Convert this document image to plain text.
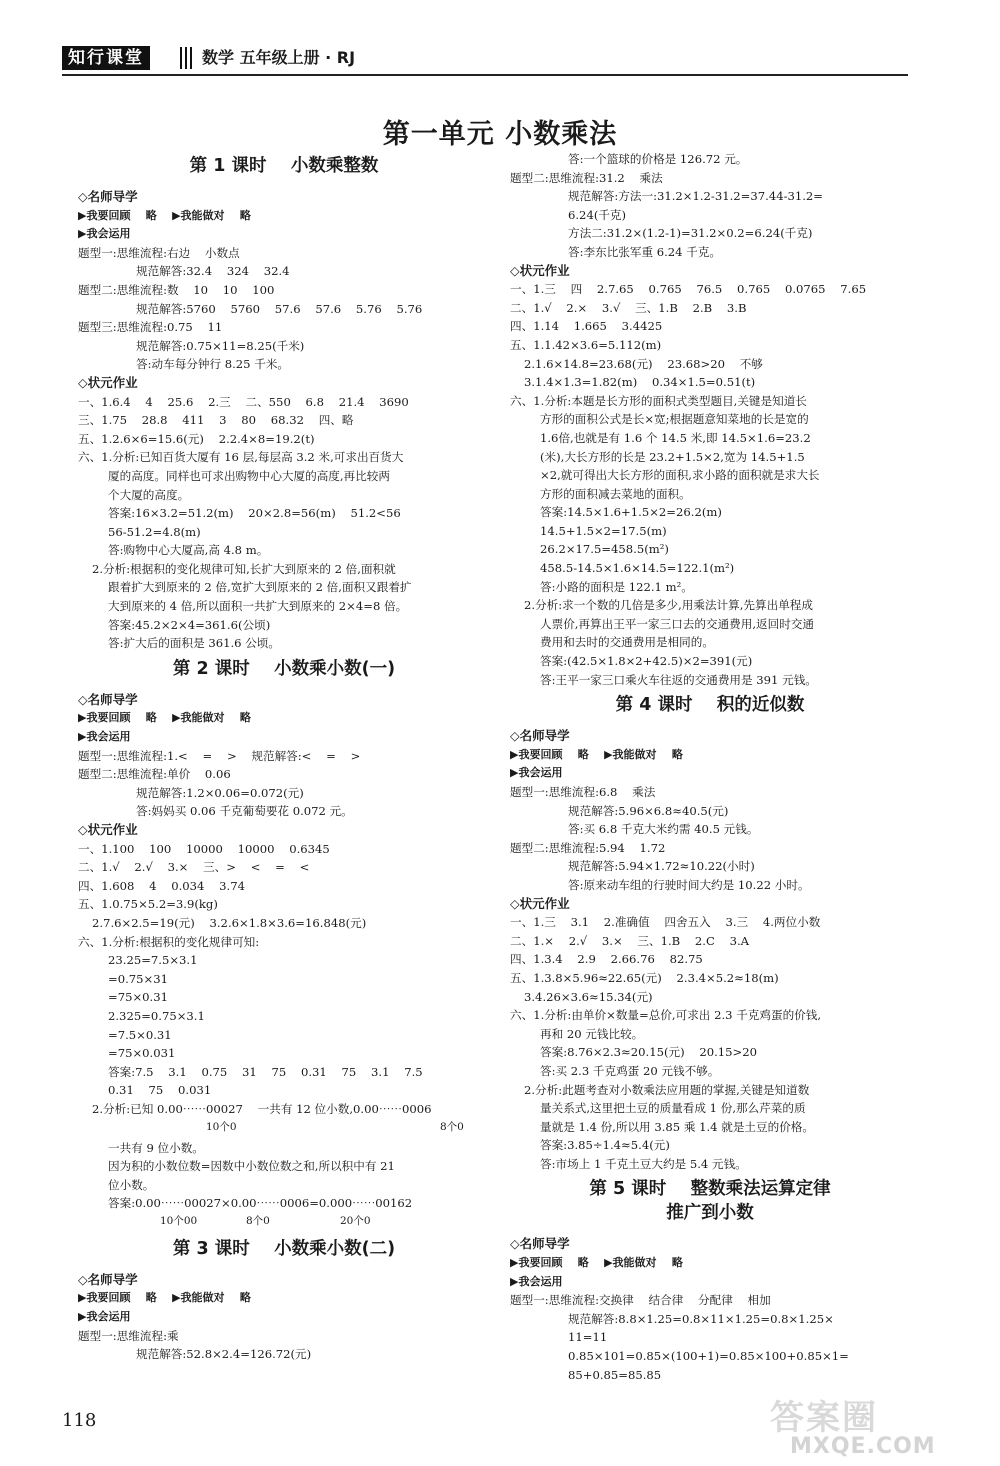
知行课堂	数学 五年级上册 · RJ
第一单元 小数乘法
第 1 课时    小数乘整数
◇名师导学
▶我要回顾    略    ▶我能做对    略
▶我会运用
题型一:思维流程:右边    小数点
规范解答:32.4    324    32.4
题型二:思维流程:数    10    10    100
规范解答:5760    5760    57.6    57.6    5.76    5.76
题型三:思维流程:0.75    11
规范解答:0.75×11=8.25(千米)
答:动车每分钟行 8.25 千米。
◇状元作业
一、1.6.4    4    25.6    2.三    二、550    6.8    21.4    3690
三、1.75    28.8    411    3    80    68.32    四、略
五、1.2.6×6=15.6(元)    2.2.4×8=19.2(t)
六、1.分析:已知百货大厦有 16 层,每层高 3.2 米,可求出百货大
厦的高度。同样也可求出购物中心大厦的高度,再比较两
个大厦的高度。
答案:16×3.2=51.2(m)    20×2.8=56(m)    51.2<56
56-51.2=4.8(m)
答:购物中心大厦高,高 4.8 m。
2.分析:根据积的变化规律可知,长扩大到原来的 2 倍,面积就
跟着扩大到原来的 2 倍,宽扩大到原来的 2 倍,面积又跟着扩
大到原来的 4 倍,所以面积一共扩大到原来的 2×4=8 倍。
答案:45.2×2×4=361.6(公顷)
答:扩大后的面积是 361.6 公顷。
第 2 课时    小数乘小数(一)
◇名师导学
▶我要回顾    略    ▶我能做对    略
▶我会运用
题型一:思维流程:1.<    =    >    规范解答:<    =    >
题型二:思维流程:单价    0.06
规范解答:1.2×0.06=0.072(元)
答:妈妈买 0.06 千克葡萄要花 0.072 元。
◇状元作业
一、1.100    100    10000    10000    0.6345
二、1.√    2.√    3.×    三、>    <    =    <
四、1.608    4    0.034    3.74
五、1.0.75×5.2=3.9(kg)
2.7.6×2.5=19(元)    3.2.6×1.8×3.6=16.848(元)
六、1.分析:根据积的变化规律可知:
23.25=7.5×3.1
=0.75×31
=75×0.31
2.325=0.75×3.1
=7.5×0.31
=75×0.031
答案:7.5    3.1    0.75    31    75    0.31    75    3.1    7.5
0.31    75    0.031
2.分析:已知 0.00⋯⋯00027    一共有 12 位小数,0.00⋯⋯0006
10个0	8个0
一共有 9 位小数。
因为积的小数位数=因数中小数位数之和,所以积中有 21
位小数。
答案:0.00⋯⋯00027×0.00⋯⋯0006=0.000⋯⋯00162
10个00	8个0	20个0
第 3 课时    小数乘小数(二)
◇名师导学
▶我要回顾    略    ▶我能做对    略
▶我会运用
题型一:思维流程:乘
规范解答:52.8×2.4=126.72(元)
答:一个篮球的价格是 126.72 元。
题型二:思维流程:31.2    乘法
规范解答:方法一:31.2×1.2-31.2=37.44-31.2=
6.24(千克)
方法二:31.2×(1.2-1)=31.2×0.2=6.24(千克)
答:李东比张军重 6.24 千克。
◇状元作业
一、1.三    四    2.7.65    0.765    76.5    0.765    0.0765    7.65
二、1.√    2.×    3.√    三、1.B    2.B    3.B
四、1.14    1.665    3.4425
五、1.1.42×3.6=5.112(m)
2.1.6×14.8=23.68(元)    23.68>20    不够
3.1.4×1.3=1.82(m)    0.34×1.5=0.51(t)
六、1.分析:本题是长方形的面积式类型题目,关键是知道长
方形的面积公式是长×宽;根据题意知菜地的长是宽的
1.6倍,也就是有 1.6 个 14.5 米,即 14.5×1.6=23.2
(米),大长方形的长是 23.2+1.5×2,宽为 14.5+1.5
×2,就可得出大长方形的面积,求小路的面积就是求大长
方形的面积减去菜地的面积。
答案:14.5×1.6+1.5×2=26.2(m)
14.5+1.5×2=17.5(m)
26.2×17.5=458.5(m²)
458.5-14.5×1.6×14.5=122.1(m²)
答:小路的面积是 122.1 m²。
2.分析:求一个数的几倍是多少,用乘法计算,先算出单程成
人票价,再算出王平一家三口去的交通费用,返回时交通
费用和去时的交通费用是相同的。
答案:(42.5×1.8×2+42.5)×2=391(元)
答:王平一家三口乘火车往返的交通费用是 391 元钱。
第 4 课时    积的近似数
◇名师导学
▶我要回顾    略    ▶我能做对    略
▶我会运用
题型一:思维流程:6.8    乘法
规范解答:5.96×6.8≈40.5(元)
答:买 6.8 千克大米约需 40.5 元钱。
题型二:思维流程:5.94    1.72
规范解答:5.94×1.72≈10.22(小时)
答:原来动车组的行驶时间大约是 10.22 小时。
◇状元作业
一、1.三    3.1    2.准确值    四舍五入    3.三    4.两位小数
二、1.×    2.√    3.×    三、1.B    2.C    3.A
四、1.3.4    2.9    2.66.76    82.75
五、1.3.8×5.96≈22.65(元)    2.3.4×5.2≈18(m)
3.4.26×3.6≈15.34(元)
六、1.分析:由单价×数量=总价,可求出 2.3 千克鸡蛋的价钱,
再和 20 元钱比较。
答案:8.76×2.3≈20.15(元)    20.15>20
答:买 2.3 千克鸡蛋 20 元钱不够。
2.分析:此题考查对小数乘法应用题的掌握,关键是知道数
量关系式,这里把土豆的质量看成 1 份,那么芹菜的质
量就是 1.4 份,所以用 3.85 乘 1.4 就是土豆的价格。
答案:3.85÷1.4≈5.4(元)
答:市场上 1 千克土豆大约是 5.4 元钱。
第 5 课时    整数乘法运算定律
推广到小数
◇名师导学
▶我要回顾    略    ▶我能做对    略
▶我会运用
题型一:思维流程:交换律    结合律    分配律    相加
规范解答:8.8×1.25=0.8×11×1.25=0.8×1.25×
11=11
0.85×101=0.85×(100+1)=0.85×100+0.85×1=
85+0.85=85.85
118	答案圈
MXQE.COM
